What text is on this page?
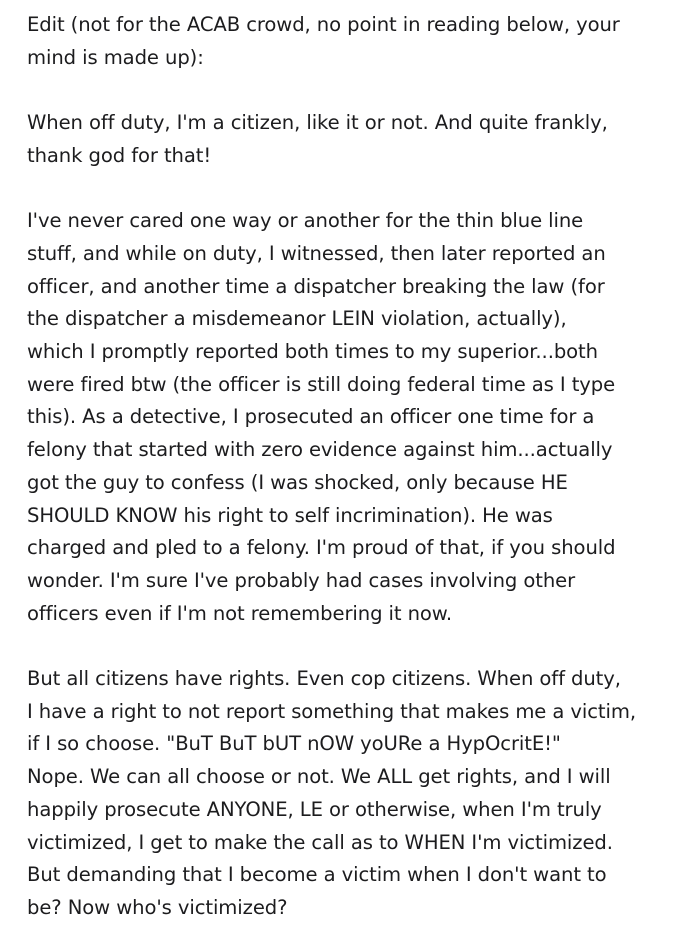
Edit (not for the ACAB crowd, no point in reading below, your
mind is made up):
When off duty, I'm a citizen, like it or not. And quite frankly,
thank god for that!
I've never cared one way or another for the thin blue line
stuff, and while on duty, I witnessed, then later reported an
officer, and another time a dispatcher breaking the law (for
the dispatcher a misdemeanor LEIN violation, actually),
which I promptly reported both times to my superior...both
were fired btw (the officer is still doing federal time as I type
this). As a detective, I prosecuted an officer one time for a
felony that started with zero evidence against him...actually
got the guy to confess (I was shocked, only because HE
SHOULD KNOW his right to self incrimination). He was
charged and pled to a felony. I'm proud of that, if you should
wonder. I'm sure I've probably had cases involving other
officers even if I'm not remembering it now.
But all citizens have rights. Even cop citizens. When off duty,
I have a right to not report something that makes me a victim,
if I so choose. "BuT BuT bUT nOW yoURe a HypOcritE!"
Nope. We can all choose or not. We ALL get rights, and I will
happily prosecute ANYONE, LE or otherwise, when I'm truly
victimized, I get to make the call as to WHEN I'm victimized.
But demanding that I become a victim when I don't want to
be? Now who's victimized?
